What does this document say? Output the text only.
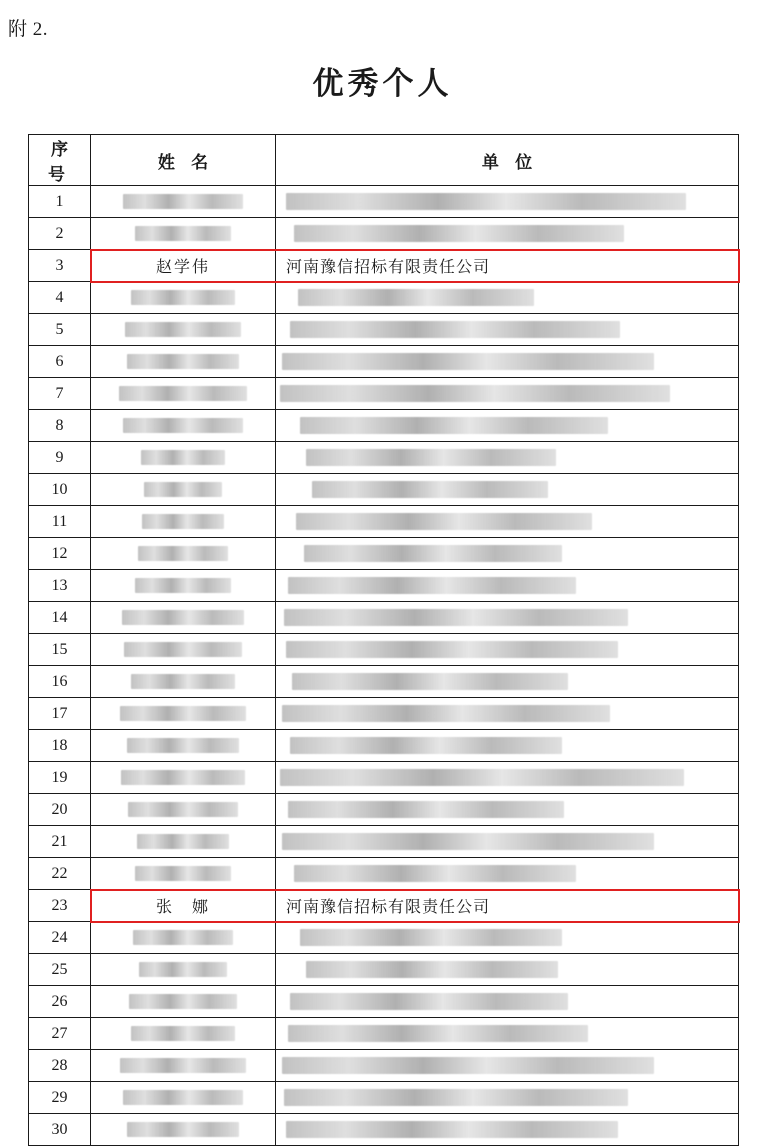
附 2.
优秀个人
序 号	姓 名	单 位
1	

2	

3	赵学伟	河南豫信招标有限责任公司

4	

5	

6	

7	

8	

9	

10	

11	

12	

13	

14	

15	

16	

17	

18	

19	

20	

21	

22	

23	张　娜	河南豫信招标有限责任公司

24	

25	

26	

27	

28	

29	

30	
